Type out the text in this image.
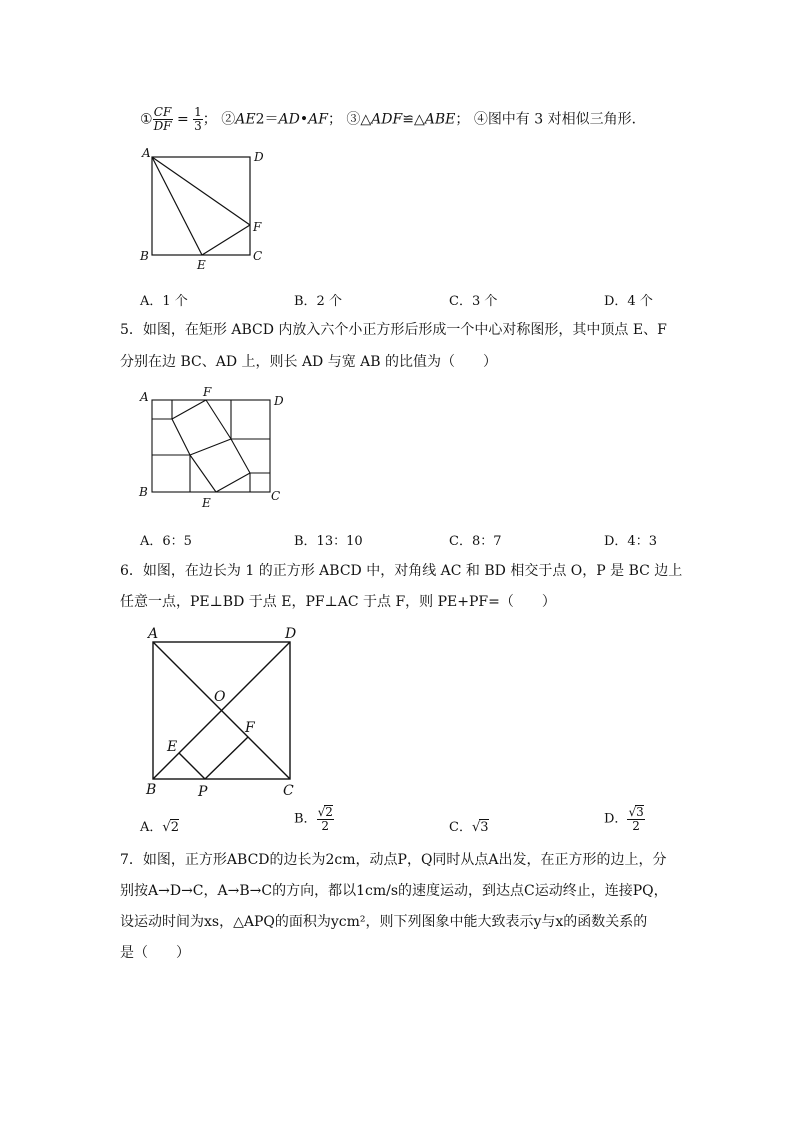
① $\frac{CF}{DF} = \frac{1}{3}$ ； ②AE2＝AD•AF； ③△ADF≌△ABE； ④图中有 3 对相似三角形．
A	D
B
E
C
F
A．1 个	B．2 个	C．3 个	D．4 个
5．如图，在矩形 ABCD 内放入六个小正方形后形成一个中心对称图形，其中顶点 E、F
分别在边 BC、AD 上，则长 AD 与宽 AB 的比值为（　　）
A	F
D
B
E	C
A．6：5	B．13：10	C．8：7	D．4：3
6．如图，在边长为 1 的正方形 ABCD 中，对角线 AC 和 BD 相交于点 O，P 是 BC 边上
任意一点，PE⊥BD 于点 E，PF⊥AC 于点 F，则 PE+PF=（　　）
A	D
O
E
F
B	P	C
A．√2
B． $\frac{√2}{2}$	C．√3
D． $\frac{√3}{2}$
7．如图，正方形ABCD的边长为2cm，动点P，Q同时从点A出发，在正方形的边上，分
别按A→D→C，A→B→C的方向，都以1cm/s的速度运动，到达点C运动终止，连接PQ，
设运动时间为xs，△APQ的面积为ycm²，则下列图象中能大致表示y与x的函数关系的
是（　　）
